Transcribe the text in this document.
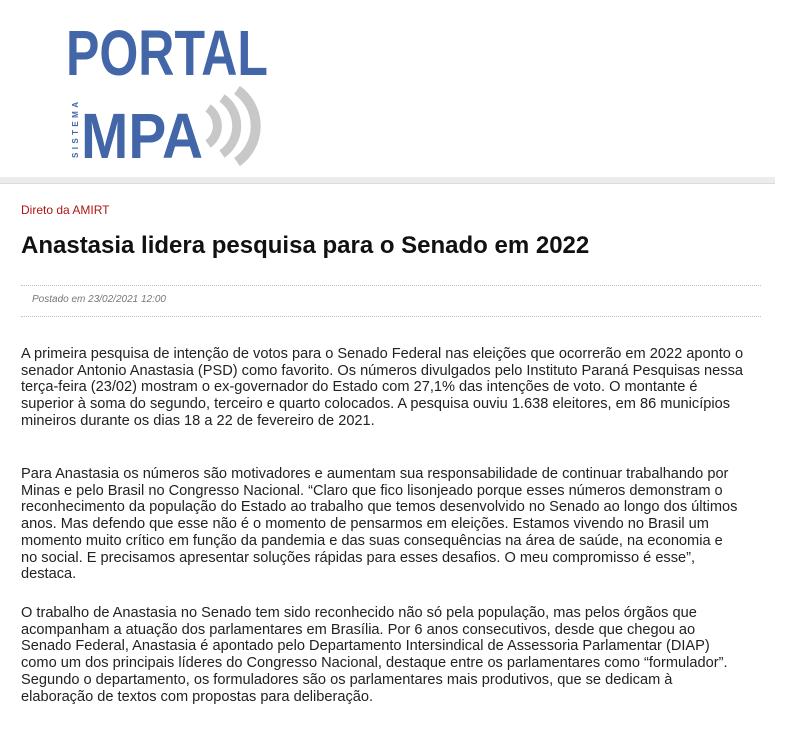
PORTAL
SISTEMA MPA

Direto da AMIRT

Anastasia lidera pesquisa para o Senado em 2022
Postado em 23/02/2021 12:00

A primeira pesquisa de intenção de votos para o Senado Federal nas eleições que ocorrerão em 2022 aponto o senador Antonio Anastasia (PSD) como favorito. Os números divulgados pelo Instituto Paraná Pesquisas nessa terça-feira (23/02) mostram o ex-governador do Estado com 27,1% das intenções de voto. O montante é superior à soma do segundo, terceiro e quarto colocados. A pesquisa ouviu 1.638 eleitores, em 86 municípios mineiros durante os dias 18 a 22 de fevereiro de 2021.

Para Anastasia os números são motivadores e aumentam sua responsabilidade de continuar trabalhando por Minas e pelo Brasil no Congresso Nacional. “Claro que fico lisonjeado porque esses números demonstram o reconhecimento da população do Estado ao trabalho que temos desenvolvido no Senado ao longo dos últimos anos. Mas defendo que esse não é o momento de pensarmos em eleições. Estamos vivendo no Brasil um momento muito crítico em função da pandemia e das suas consequências na área de saúde, na economia e no social. E precisamos apresentar soluções rápidas para esses desafios. O meu compromisso é esse”, destaca.

O trabalho de Anastasia no Senado tem sido reconhecido não só pela população, mas pelos órgãos que acompanham a atuação dos parlamentares em Brasília. Por 6 anos consecutivos, desde que chegou ao Senado Federal, Anastasia é apontado pelo Departamento Intersindical de Assessoria Parlamentar (DIAP) como um dos principais líderes do Congresso Nacional, destaque entre os parlamentares como “formulador”. Segundo o departamento, os formuladores são os parlamentares mais produtivos, que se dedicam à elaboração de textos com propostas para deliberação.
